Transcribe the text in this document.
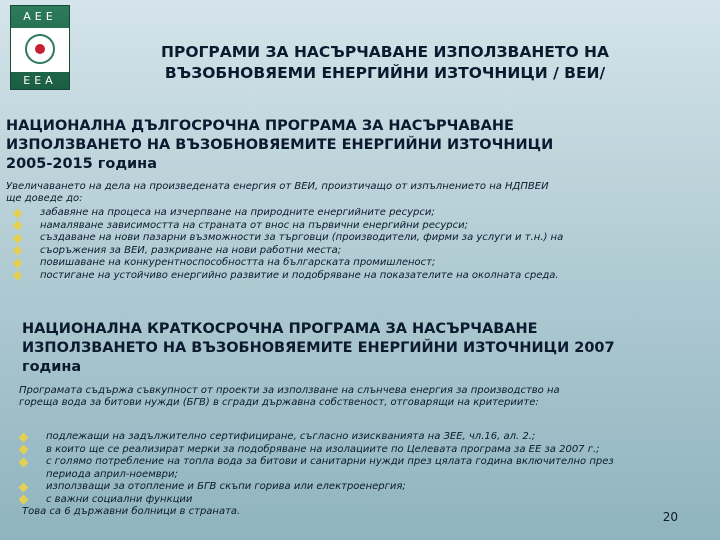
AEE
EEA
ПРОГРАМИ ЗА НАСЪРЧАВАНЕ ИЗПОЛЗВАНЕТО НА
ВЪЗОБНОВЯЕМИ ЕНЕРГИЙНИ ИЗТОЧНИЦИ / ВЕИ/
НАЦИОНАЛНА ДЪЛГОСРОЧНА ПРОГРАМА ЗА НАСЪРЧАВАНЕ
ИЗПОЛЗВАНЕТО НА ВЪЗОБНОВЯЕМИТЕ ЕНЕРГИЙНИ ИЗТОЧНИЦИ
2005-2015 година
Увеличаването на дела на произведената енергия от ВЕИ, произтичащо от изпълнението на НДПВЕИ
ще доведе до:
забавяне на процеса на изчерпване на природните енергийните ресурси;
намаляване зависимостта на страната от внос на първични енергийни ресурси;
създаване на нови пазарни възможности за търговци (производители, фирми за услуги и т.н.) на
съоръжения за ВЕИ, разкриване на нови работни места;
повишаване на конкурентноспособността на българската промишленост;
постигане на устойчиво енергийно развитие и подобряване на показателите на околната среда.
НАЦИОНАЛНА КРАТКОСРОЧНА ПРОГРАМА ЗА НАСЪРЧАВАНЕ
ИЗПОЛЗВАНЕТО НА ВЪЗОБНОВЯЕМИТЕ ЕНЕРГИЙНИ ИЗТОЧНИЦИ 2007
година
Програмата съдържа съвкупност от проекти за използване на слънчева енергия за производство на
гореща вода за битови нужди (БГВ) в сгради държавна собственост, отговарящи на критериите:
подлежащи на задължително сертифициране, съгласно изискванията на ЗЕЕ, чл.16, ал. 2.;
в които ще се реализират мерки за подобряване на изолациите по Целевата програма за ЕЕ за 2007 г.;
с голямо потребление на топла вода за битови и санитарни нужди през цялата година включително през
периода април-ноември;
използващи за отопление и БГВ скъпи горива или електроенергия;
с важни социални функции
Това са 6 държавни болници в страната.	20
